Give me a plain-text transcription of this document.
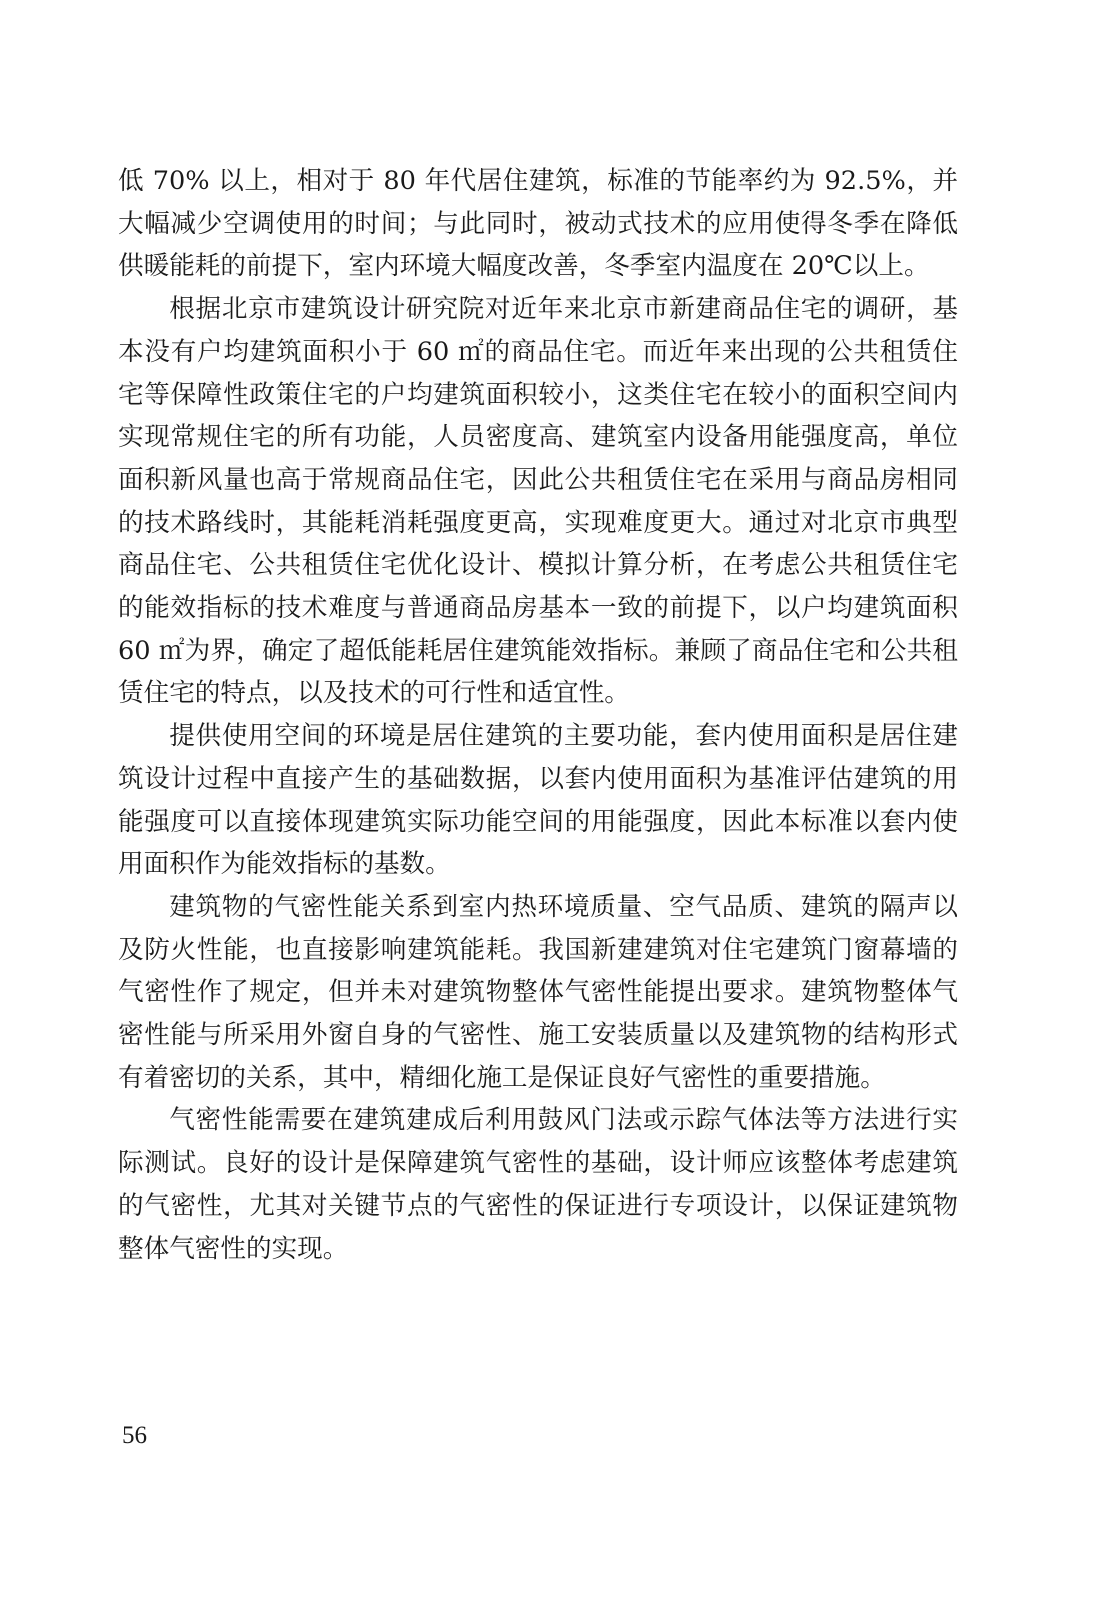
低 70% 以上，相对于 80 年代居住建筑，标准的节能率约为 92.5%，并大幅减少空调使用的时间；与此同时，被动式技术的应用使得冬季在降低供暖能耗的前提下，室内环境大幅度改善，冬季室内温度在 20℃以上。

根据北京市建筑设计研究院对近年来北京市新建商品住宅的调研，基本没有户均建筑面积小于 60 ㎡的商品住宅。而近年来出现的公共租赁住宅等保障性政策住宅的户均建筑面积较小，这类住宅在较小的面积空间内实现常规住宅的所有功能，人员密度高、建筑室内设备用能强度高，单位面积新风量也高于常规商品住宅，因此公共租赁住宅在采用与商品房相同的技术路线时，其能耗消耗强度更高，实现难度更大。通过对北京市典型商品住宅、公共租赁住宅优化设计、模拟计算分析，在考虑公共租赁住宅的能效指标的技术难度与普通商品房基本一致的前提下，以户均建筑面积 60 ㎡为界，确定了超低能耗居住建筑能效指标。兼顾了商品住宅和公共租赁住宅的特点，以及技术的可行性和适宜性。

提供使用空间的环境是居住建筑的主要功能，套内使用面积是居住建筑设计过程中直接产生的基础数据，以套内使用面积为基准评估建筑的用能强度可以直接体现建筑实际功能空间的用能强度，因此本标准以套内使用面积作为能效指标的基数。

建筑物的气密性能关系到室内热环境质量、空气品质、建筑的隔声以及防火性能，也直接影响建筑能耗。我国新建建筑对住宅建筑门窗幕墙的气密性作了规定，但并未对建筑物整体气密性能提出要求。建筑物整体气密性能与所采用外窗自身的气密性、施工安装质量以及建筑物的结构形式有着密切的关系，其中，精细化施工是保证良好气密性的重要措施。

气密性能需要在建筑建成后利用鼓风门法或示踪气体法等方法进行实际测试。良好的设计是保障建筑气密性的基础，设计师应该整体考虑建筑的气密性，尤其对关键节点的气密性的保证进行专项设计，以保证建筑物整体气密性的实现。

56
